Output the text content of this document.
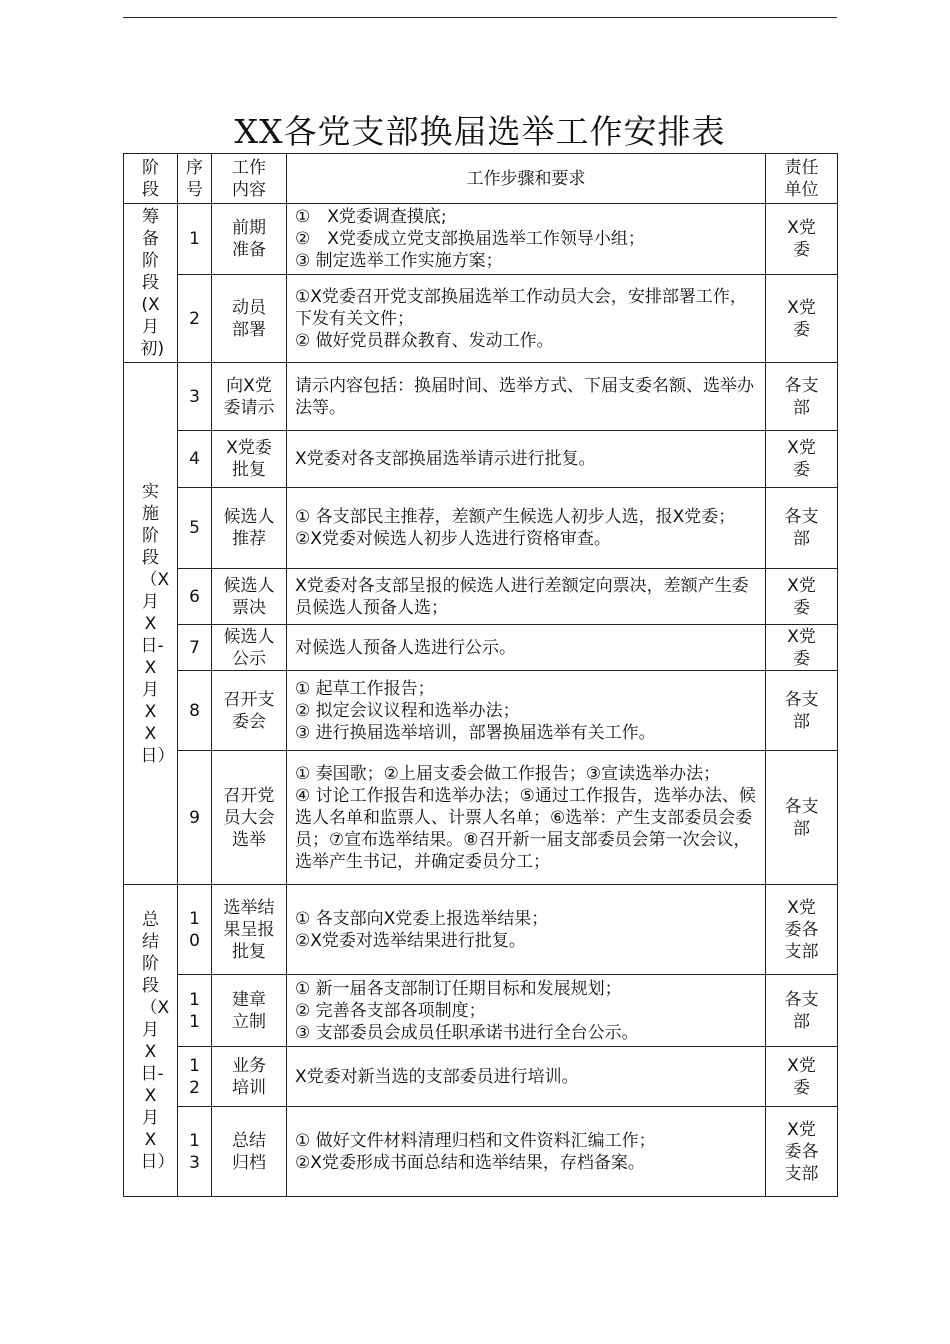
XX各党支部换届选举工作安排表
阶段	序号	工作内容	工作步骤和要求	责任单位
筹备阶段(X月初)	1	前期准备	①　X党委调查摸底;
②　X党委成立党支部换届选举工作领导小组；
③ 制定选举工作实施方案；	X党委
	2	动员部署	①X党委召开党支部换届选举工作动员大会，安排部署工作，下发有关文件；
② 做好党员群众教育、发动工作。	X党委
实施阶段（X月X日-X月XX日）	3	向X党委请示	请示内容包括：换届时间、选举方式、下届支委名额、选举办法等。	各支部
	4	X党委批复	X党委对各支部换届选举请示进行批复。	X党委
	5	候选人推荐	① 各支部民主推荐，差额产生候选人初步人选，报X党委；
②X党委对候选人初步人选进行资格审查。	各支部
	6	候选人票决	X党委对各支部呈报的候选人进行差额定向票决，差额产生委员候选人预备人选；	X党委
	7	候选人公示	对候选人预备人选进行公示。	X党委
	8	召开支委会	① 起草工作报告；
② 拟定会议议程和选举办法；
③ 进行换届选举培训，部署换届选举有关工作。	各支部
	9	召开党员大会选举	① 奏国歌；②上届支委会做工作报告；③宣读选举办法；
④ 讨论工作报告和选举办法；⑤通过工作报告，选举办法、候选人名单和监票人、计票人名单；⑥选举：产生支部委员会委员；⑦宣布选举结果。⑧召开新一届支部委员会第一次会议，选举产生书记，并确定委员分工；	各支部
总结阶段（X月X日-X月X日）	10	选举结果呈报批复	① 各支部向X党委上报选举结果；
②X党委对选举结果进行批复。	X党委各支部
	11	建章立制	① 新一届各支部制订任期目标和发展规划；
② 完善各支部各项制度；
③ 支部委员会成员任职承诺书进行全台公示。	各支部
	12	业务培训	X党委对新当选的支部委员进行培训。	X党委
	13	总结归档	① 做好文件材料清理归档和文件资料汇编工作；
②X党委形成书面总结和选举结果，存档备案。	X党委各支部
